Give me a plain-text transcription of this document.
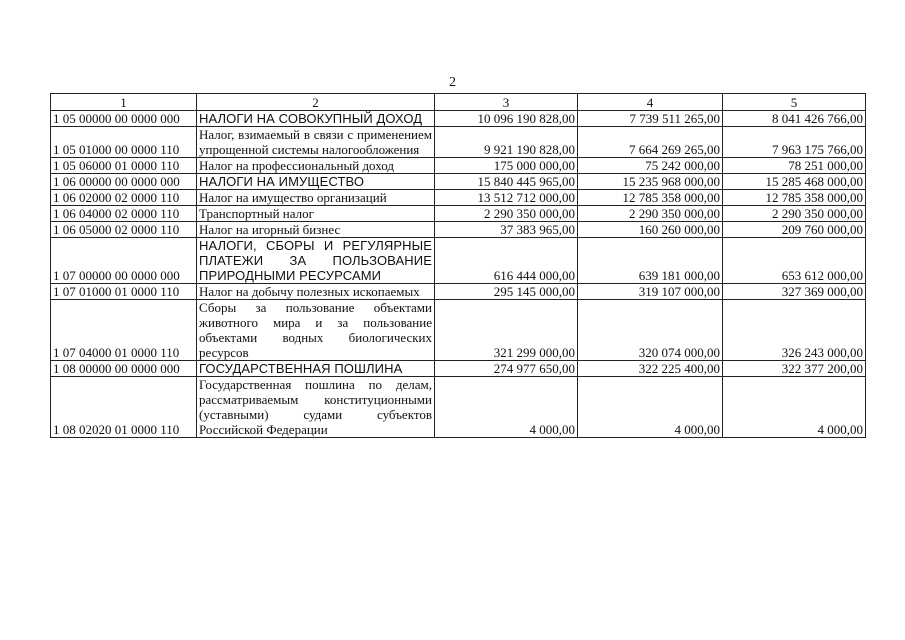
2
1	2	3	4	5
1 05 00000 00 0000 000	НАЛОГИ НА СОВОКУПНЫЙ ДОХОД	10 096 190 828,00	7 739 511 265,00	8 041 426 766,00
1 05 01000 00 0000 110	Налог, взимаемый в связи с применением упрощенной системы налогообложения	9 921 190 828,00	7 664 269 265,00	7 963 175 766,00
1 05 06000 01 0000 110	Налог на профессиональный доход	175 000 000,00	75 242 000,00	78 251 000,00
1 06 00000 00 0000 000	НАЛОГИ НА ИМУЩЕСТВО	15 840 445 965,00	15 235 968 000,00	15 285 468 000,00
1 06 02000 02 0000 110	Налог на имущество организаций	13 512 712 000,00	12 785 358 000,00	12 785 358 000,00
1 06 04000 02 0000 110	Транспортный налог	2 290 350 000,00	2 290 350 000,00	2 290 350 000,00
1 06 05000 02 0000 110	Налог на игорный бизнес	37 383 965,00	160 260 000,00	209 760 000,00
1 07 00000 00 0000 000	НАЛОГИ, СБОРЫ И РЕГУЛЯРНЫЕ ПЛАТЕЖИ ЗА ПОЛЬЗОВАНИЕ ПРИРОДНЫМИ РЕСУРСАМИ	616 444 000,00	639 181 000,00	653 612 000,00
1 07 01000 01 0000 110	Налог на добычу полезных ископаемых	295 145 000,00	319 107 000,00	327 369 000,00
1 07 04000 01 0000 110	Сборы за пользование объектами животного мира и за пользование объектами водных биологических ресурсов	321 299 000,00	320 074 000,00	326 243 000,00
1 08 00000 00 0000 000	ГОСУДАРСТВЕННАЯ ПОШЛИНА	274 977 650,00	322 225 400,00	322 377 200,00
1 08 02020 01 0000 110	Государственная пошлина по делам, рассматриваемым конституционными (уставными) судами субъектов Российской Федерации	4 000,00	4 000,00	4 000,00
